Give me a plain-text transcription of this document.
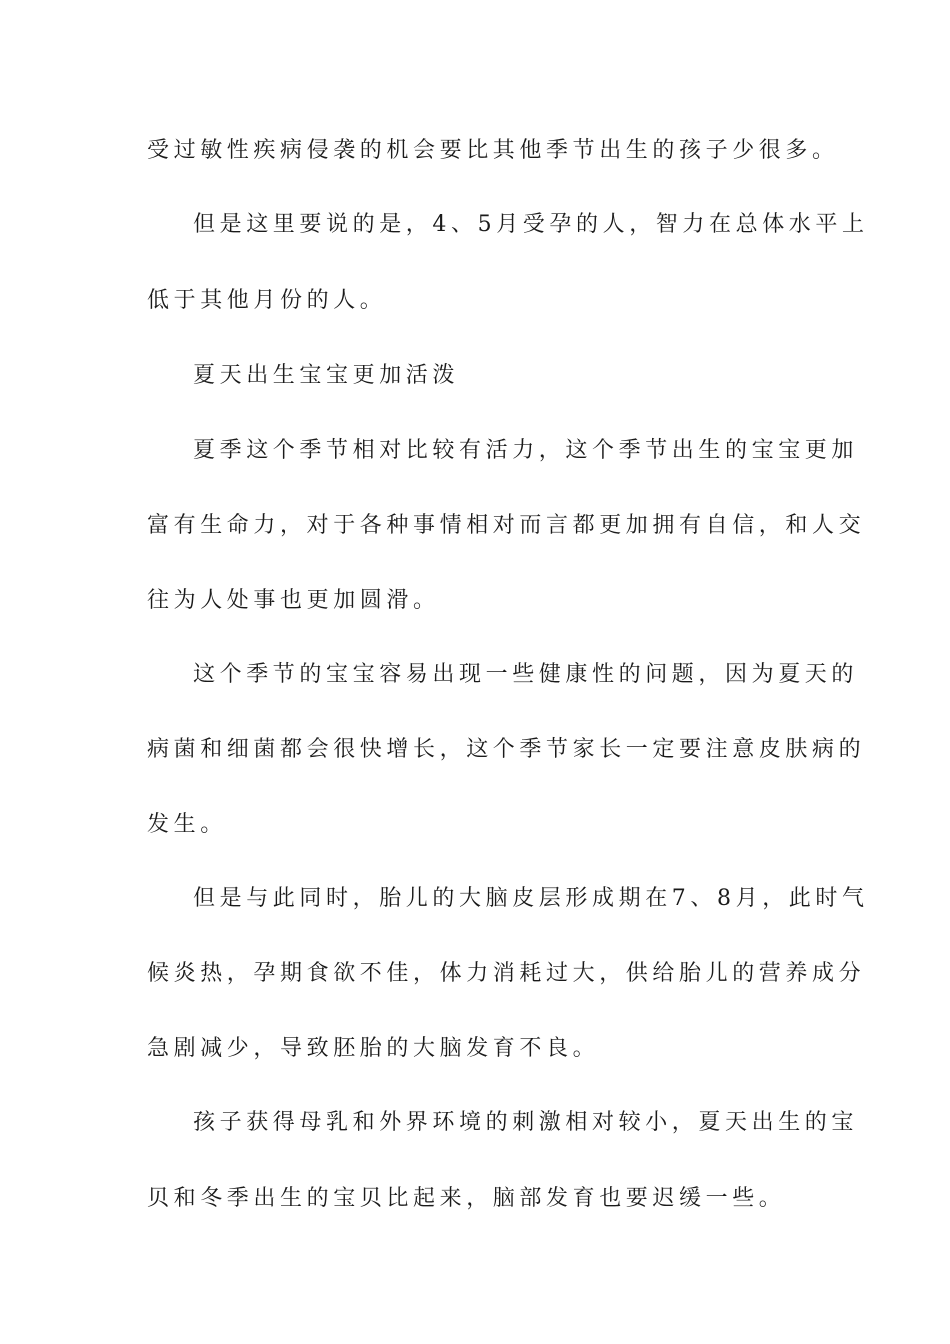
受过敏性疾病侵袭的机会要比其他季节出生的孩子少很多。
但是这里要说的是，4、5月受孕的人，智力在总体水平上
低于其他月份的人。
夏天出生宝宝更加活泼
夏季这个季节相对比较有活力，这个季节出生的宝宝更加
富有生命力，对于各种事情相对而言都更加拥有自信，和人交
往为人处事也更加圆滑。
这个季节的宝宝容易出现一些健康性的问题，因为夏天的
病菌和细菌都会很快增长，这个季节家长一定要注意皮肤病的
发生。
但是与此同时，胎儿的大脑皮层形成期在7、8月，此时气
候炎热，孕期食欲不佳，体力消耗过大，供给胎儿的营养成分
急剧减少，导致胚胎的大脑发育不良。
孩子获得母乳和外界环境的刺激相对较小，夏天出生的宝
贝和冬季出生的宝贝比起来，脑部发育也要迟缓一些。
